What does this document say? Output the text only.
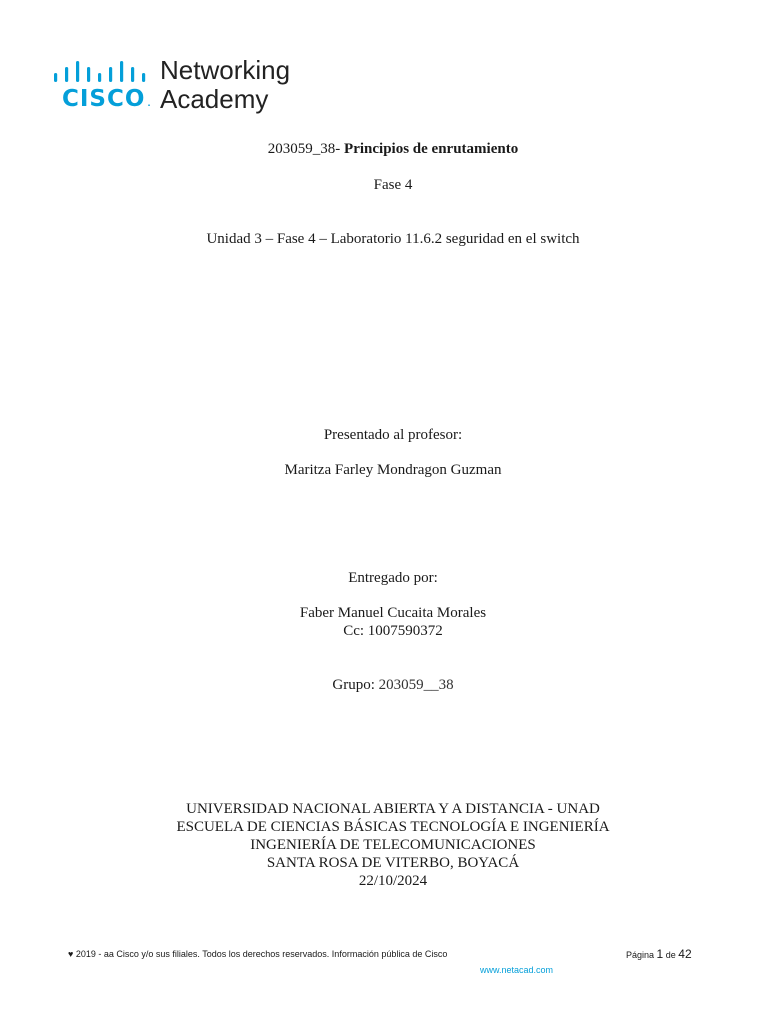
CISCO .
Networking
Academy
203059_38- Principios de enrutamiento
Fase 4
Unidad 3 – Fase 4 – Laboratorio 11.6.2 seguridad en el switch
Presentado al profesor:
Maritza Farley Mondragon Guzman
Entregado por:
Faber Manuel Cucaita Morales
Cc: 1007590372
Grupo: 203059__38
UNIVERSIDAD NACIONAL ABIERTA Y A DISTANCIA - UNAD
ESCUELA DE CIENCIAS BÁSICAS TECNOLOGÍA E INGENIERÍA
INGENIERÍA DE TELECOMUNICACIONES
SANTA ROSA DE VITERBO, BOYACÁ
22/10/2024
♥ 2019 - aa Cisco y/o sus filiales. Todos los derechos reservados. Información pública de Cisco	Página 1 de 42
www.netacad.com
